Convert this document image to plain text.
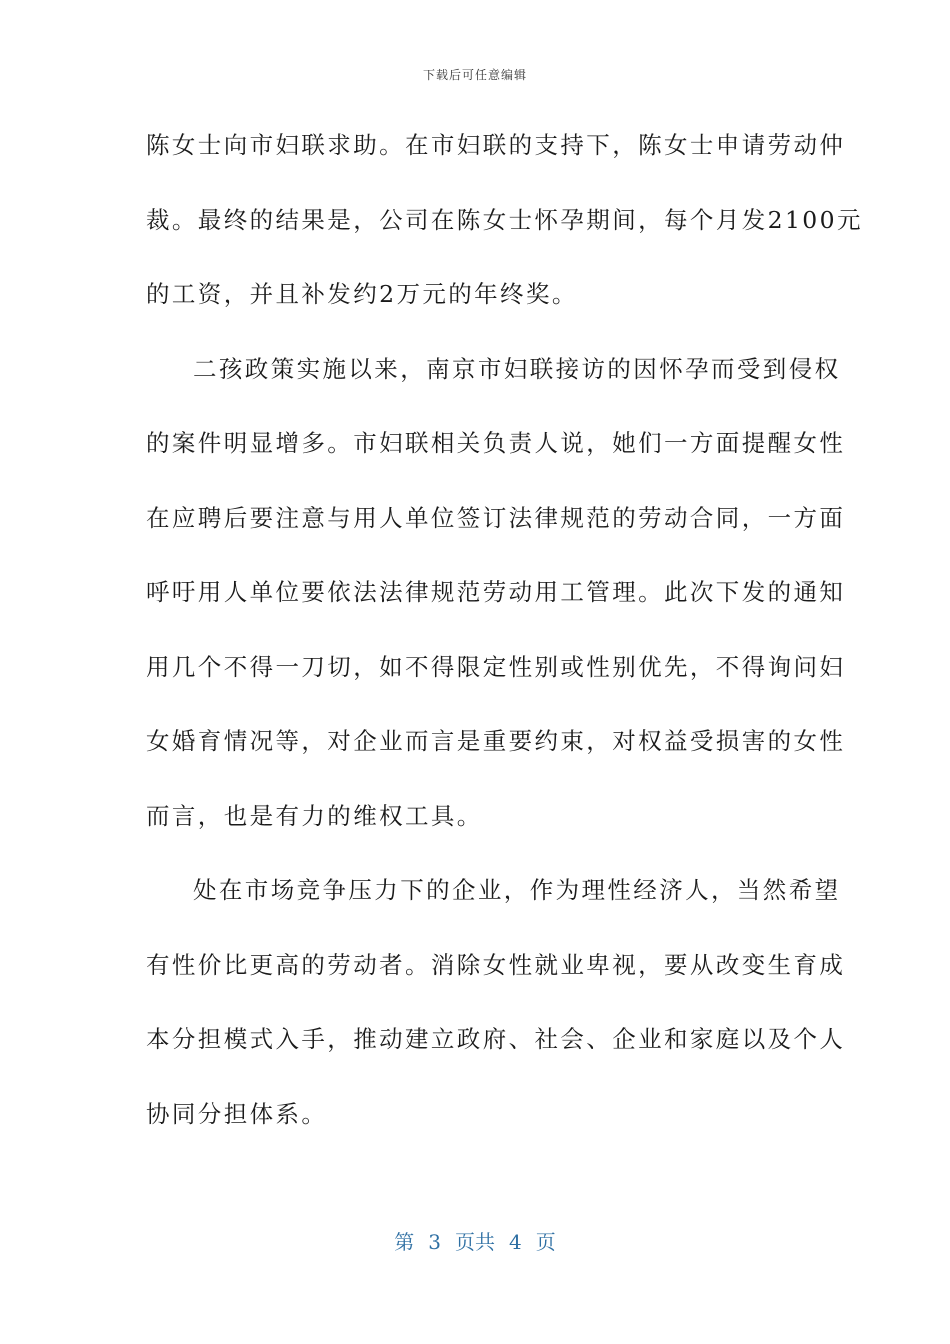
下载后可任意编辑
陈女士向市妇联求助。在市妇联的支持下，陈女士申请劳动仲
裁。最终的结果是，公司在陈女士怀孕期间，每个月发2100元
的工资，并且补发约2万元的年终奖。
二孩政策实施以来，南京市妇联接访的因怀孕而受到侵权
的案件明显增多。市妇联相关负责人说，她们一方面提醒女性
在应聘后要注意与用人单位签订法律规范的劳动合同，一方面
呼吁用人单位要依法法律规范劳动用工管理。此次下发的通知
用几个不得一刀切，如不得限定性别或性别优先，不得询问妇
女婚育情况等，对企业而言是重要约束，对权益受损害的女性
而言，也是有力的维权工具。
处在市场竞争压力下的企业，作为理性经济人，当然希望
有性价比更高的劳动者。消除女性就业卑视，要从改变生育成
本分担模式入手，推动建立政府、社会、企业和家庭以及个人
协同分担体系。
第 3 页共 4 页
